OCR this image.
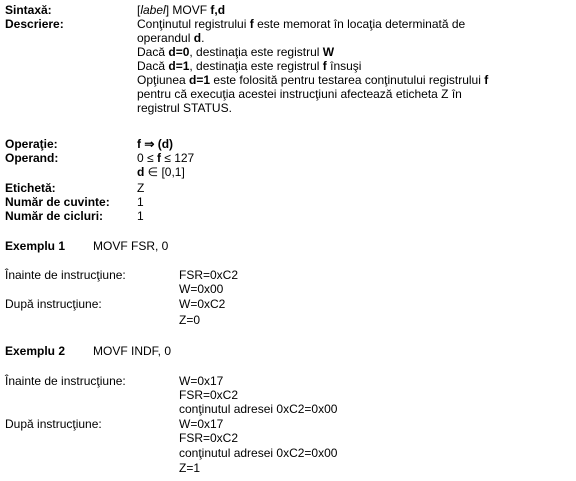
Sintaxă:	[label] MOVF f,d
Descriere:	Conţinutul registrului f este memorat în locaţia determinată de
operandul d.
Dacă d=0, destinaţia este registrul W
Dacă d=1, destinaţia este registrul f însuşi
Opţiunea d=1 este folosită pentru testarea conţinutului registrului f
pentru că execuţia acestei instrucţiuni afectează eticheta Z în
registrul STATUS.
Operaţie:	f ⇒ (d)
Operand:	0 ≤ f ≤ 127
d ∈ [0,1]
Etichetă:	Z
Număr de cuvinte: 1
Număr de cicluri:	1
Exemplu 1 MOVF FSR, 0
Înainte de instrucţiune:	FSR=0xC2
W=0x00
După instrucţiune:	W=0xC2
Z=0
Exemplu 2 MOVF INDF, 0
Înainte de instrucţiune:	W=0x17
FSR=0xC2
conţinutul adresei 0xC2=0x00
După instrucţiune:	W=0x17
FSR=0xC2
conţinutul adresei 0xC2=0x00
Z=1
